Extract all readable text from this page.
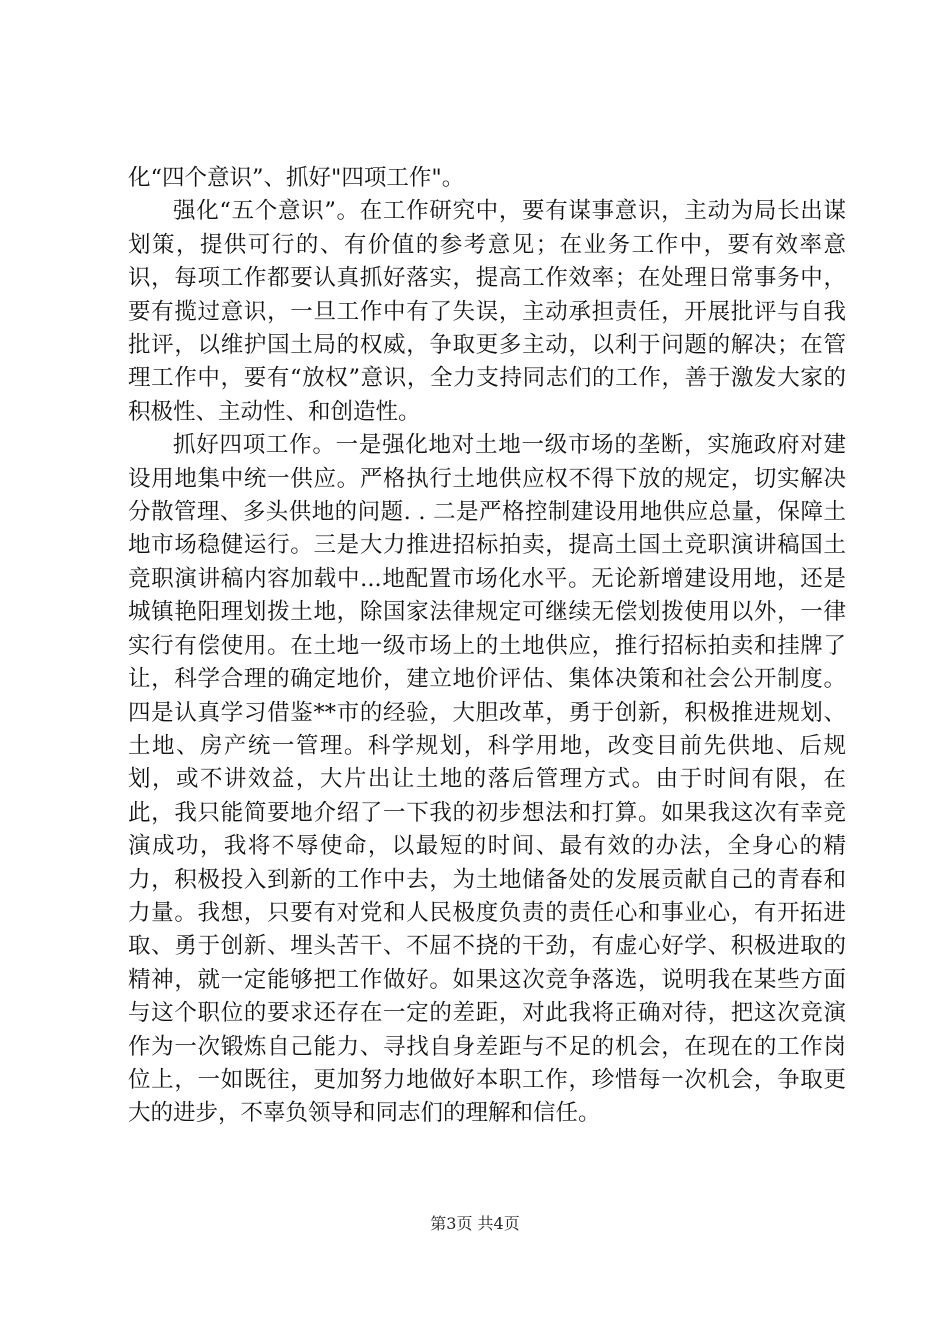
化“四个意识”、抓好"四项工作"。

强化“五个意识”。在工作研究中，要有谋事意识，主动为局长出谋划策，提供可行的、有价值的参考意见；在业务工作中，要有效率意识，每项工作都要认真抓好落实，提高工作效率；在处理日常事务中，要有揽过意识，一旦工作中有了失误，主动承担责任，开展批评与自我批评，以维护国土局的权威，争取更多主动，以利于问题的解决；在管理工作中，要有“放权”意识，全力支持同志们的工作，善于激发大家的积极性、主动性、和创造性。

抓好四项工作。一是强化地对土地一级市场的垄断，实施政府对建设用地集中统一供应。严格执行土地供应权不得下放的规定，切实解决分散管理、多头供地的问题. . 二是严格控制建设用地供应总量，保障土地市场稳健运行。三是大力推进招标拍卖，提高土国土竞职演讲稿国土竞职演讲稿内容加载中...地配置市场化水平。无论新增建设用地，还是城镇艳阳理划拨土地，除国家法律规定可继续无偿划拨使用以外，一律实行有偿使用。在土地一级市场上的土地供应，推行招标拍卖和挂牌了让，科学合理的确定地价，建立地价评估、集体决策和社会公开制度。四是认真学习借鉴**市的经验，大胆改革，勇于创新，积极推进规划、土地、房产统一管理。科学规划，科学用地，改变目前先供地、后规划，或不讲效益，大片出让土地的落后管理方式。由于时间有限，在此，我只能简要地介绍了一下我的初步想法和打算。如果我这次有幸竞演成功，我将不辱使命，以最短的时间、最有效的办法，全身心的精力，积极投入到新的工作中去，为土地储备处的发展贡献自己的青春和力量。我想，只要有对党和人民极度负责的责任心和事业心，有开拓进取、勇于创新、埋头苦干、不屈不挠的干劲，有虚心好学、积极进取的精神，就一定能够把工作做好。如果这次竞争落选，说明我在某些方面与这个职位的要求还存在一定的差距，对此我将正确对待，把这次竞演作为一次锻炼自己能力、寻找自身差距与不足的机会，在现在的工作岗位上，一如既往，更加努力地做好本职工作，珍惜每一次机会，争取更大的进步，不辜负领导和同志们的理解和信任。

第3页 共4页
